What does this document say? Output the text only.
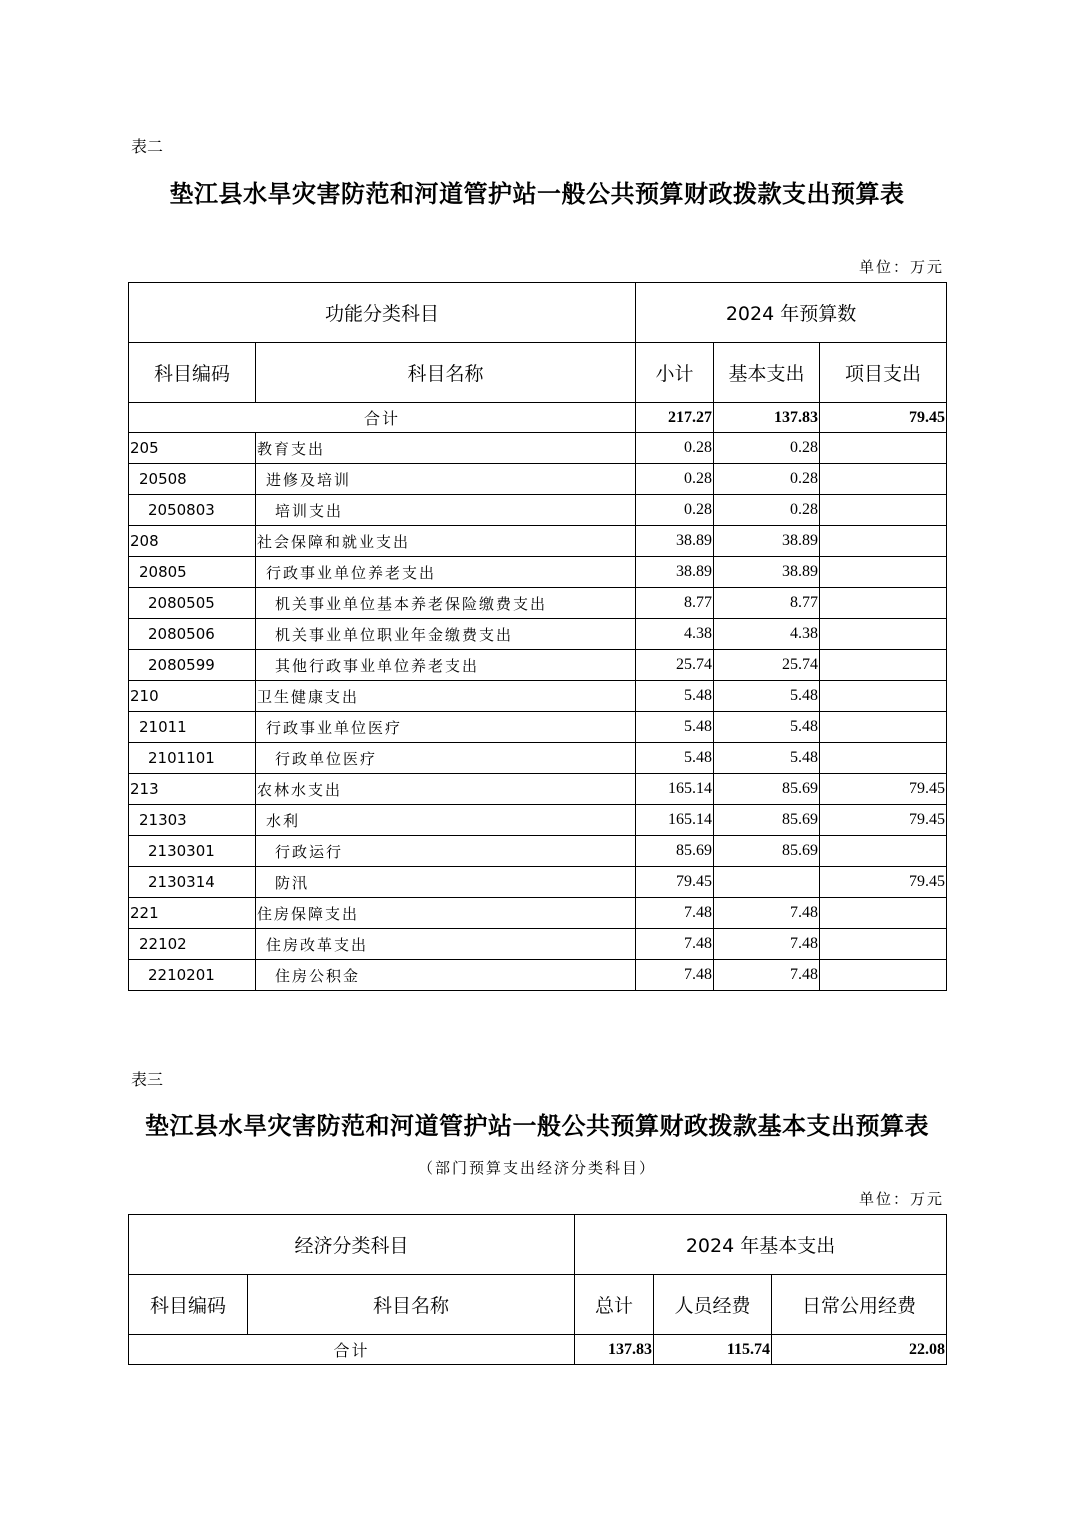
表二
垫江县水旱灾害防范和河道管护站一般公共预算财政拨款支出预算表
单位：万元
功能分类科目		2024 年预算数		
科目编码	科目名称	小计	基本支出	项目支出
合计		217.27	137.83	79.45
205	教育支出	0.28	0.28	
20508	进修及培训	0.28	0.28	
2050803	培训支出	0.28	0.28	
208	社会保障和就业支出	38.89	38.89	
20805	行政事业单位养老支出	38.89	38.89	
2080505	机关事业单位基本养老保险缴费支出	8.77	8.77	
2080506	机关事业单位职业年金缴费支出	4.38	4.38	
2080599	其他行政事业单位养老支出	25.74	25.74	
210	卫生健康支出	5.48	5.48	
21011	行政事业单位医疗	5.48	5.48	
2101101	行政单位医疗	5.48	5.48	
213	农林水支出	165.14	85.69	79.45
21303	水利	165.14	85.69	79.45
2130301	行政运行	85.69	85.69	
2130314	防汛	79.45		79.45
221	住房保障支出	7.48	7.48	
22102	住房改革支出	7.48	7.48	
2210201	住房公积金	7.48	7.48	
表三
垫江县水旱灾害防范和河道管护站一般公共预算财政拨款基本支出预算表
（部门预算支出经济分类科目）
单位：万元
经济分类科目		2024 年基本支出		
科目编码	科目名称	总计	人员经费	日常公用经费
合计		137.83	115.74	22.08
